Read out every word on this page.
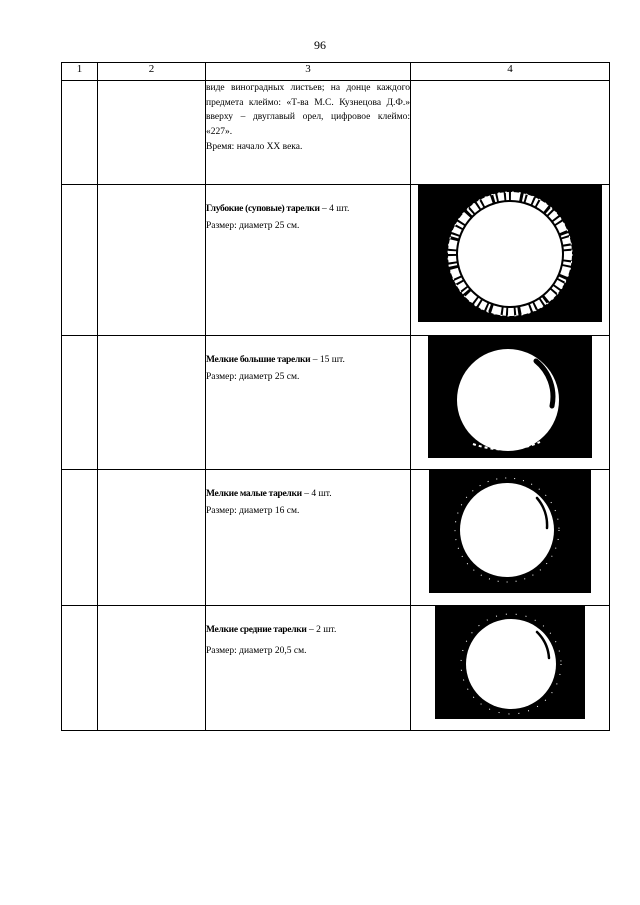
96
1	2	3	4

		виде виноградных листьев; на донце каждого предмета клеймо: «Т-ва М.С. Кузнецова Д.Ф.» вверху – двуглавый орел, цифровое клеймо: «227».
Время: начало XX века.	

		Глубокие (суповые) тарелки – 4 шт.
Размер: диаметр 25 см.

		Мелкие большие тарелки – 15 шт.
Размер: диаметр 25 см.

		Мелкие малые тарелки – 4 шт.
Размер: диаметр 16 см.

		Мелкие средние тарелки – 2 шт.
Размер: диаметр 20,5 см.
